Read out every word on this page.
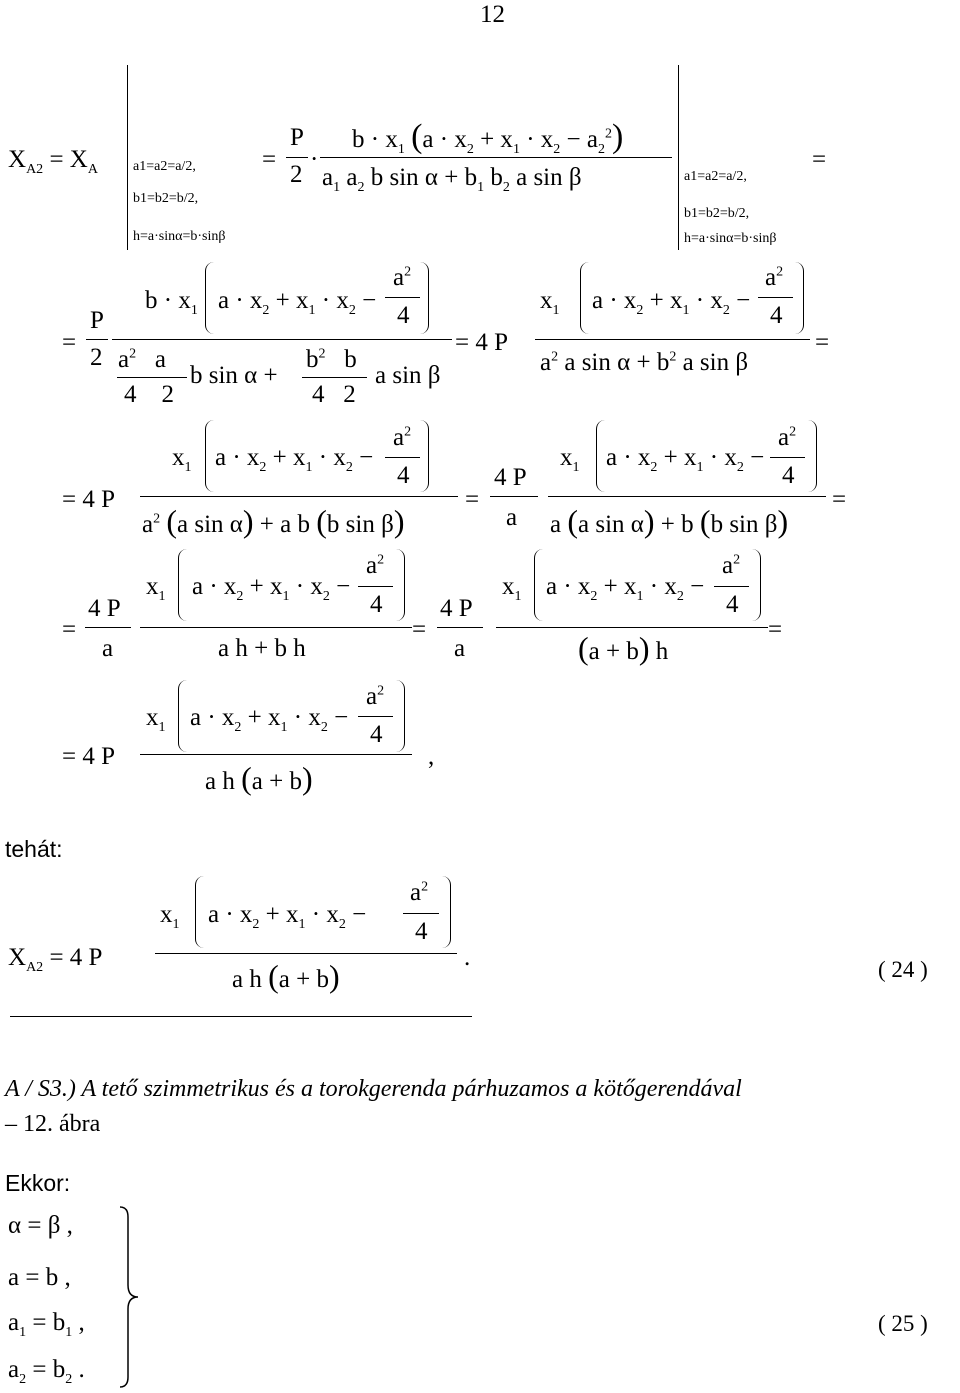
12
$X_{A2} = X_A$	a1=a2=a/2,
b1=b2=b/2,
h=a·sinα=b·sinβ
=
P
2
·
$b \cdot x_1$ $(a \cdot x_2 + x_1 \cdot x_2 - a_2^2)$
$a_1$ $a_2$ b $\sin \alpha + b_1$ $b_2$ a sin β	a1=a2=a/2,
b1=b2=b/2,
h=a·sinα=b·sinβ
=
=
P
2
$b \cdot x_1$ $a \cdot x_2 + x_1 \cdot x_2$ −
$a^2$
4
$a^2$   a
4    2
b sin α +
$b^2$   b
4   2
a sin β
= 4 P
$x_1$ $a \cdot x_2 + x_1 \cdot x_2$ −
$a^2$
4
$a^2$ a $\sin \alpha + b^2$ a sin β
=
= 4 P
$x_1$ $a \cdot x_2 + x_1 \cdot x_2$ −
$a^2$
4
$a^2$ (a sin α) + a b (b sin β)
=
4 P
a
$x_1$ $a \cdot x_2 + x_1 \cdot x_2$ −
$a^2$
4
a (a sin α) + b (b sin β)
=
=
4 P
a
$x_1$ $a \cdot x_2 + x_1 \cdot x_2$ −
$a^2$
4
a h + b h
=
4 P
a
$x_1$ $a \cdot x_2 + x_1 \cdot x_2$ −
$a^2$
4
(a + b) h
=
= 4 P
$x_1$ $a \cdot x_2 + x_1 \cdot x_2$ −
$a^2$
4
a h (a + b)
,
tehát:
$X_{A2} = 4$ P
$x_1$ $a \cdot x_2 + x_1 \cdot x_2$ −
$a^2$
4
a h (a + b)
.	( 24 )
A / S3.) A tető szimmetrikus és a torokgerenda párhuzamos a kötőgerendával
– 12. ábra
Ekkor:
α = β ,
a = b ,
$a_1 = b_1$ ,
$a_2 = b_2$ .
( 25 )
